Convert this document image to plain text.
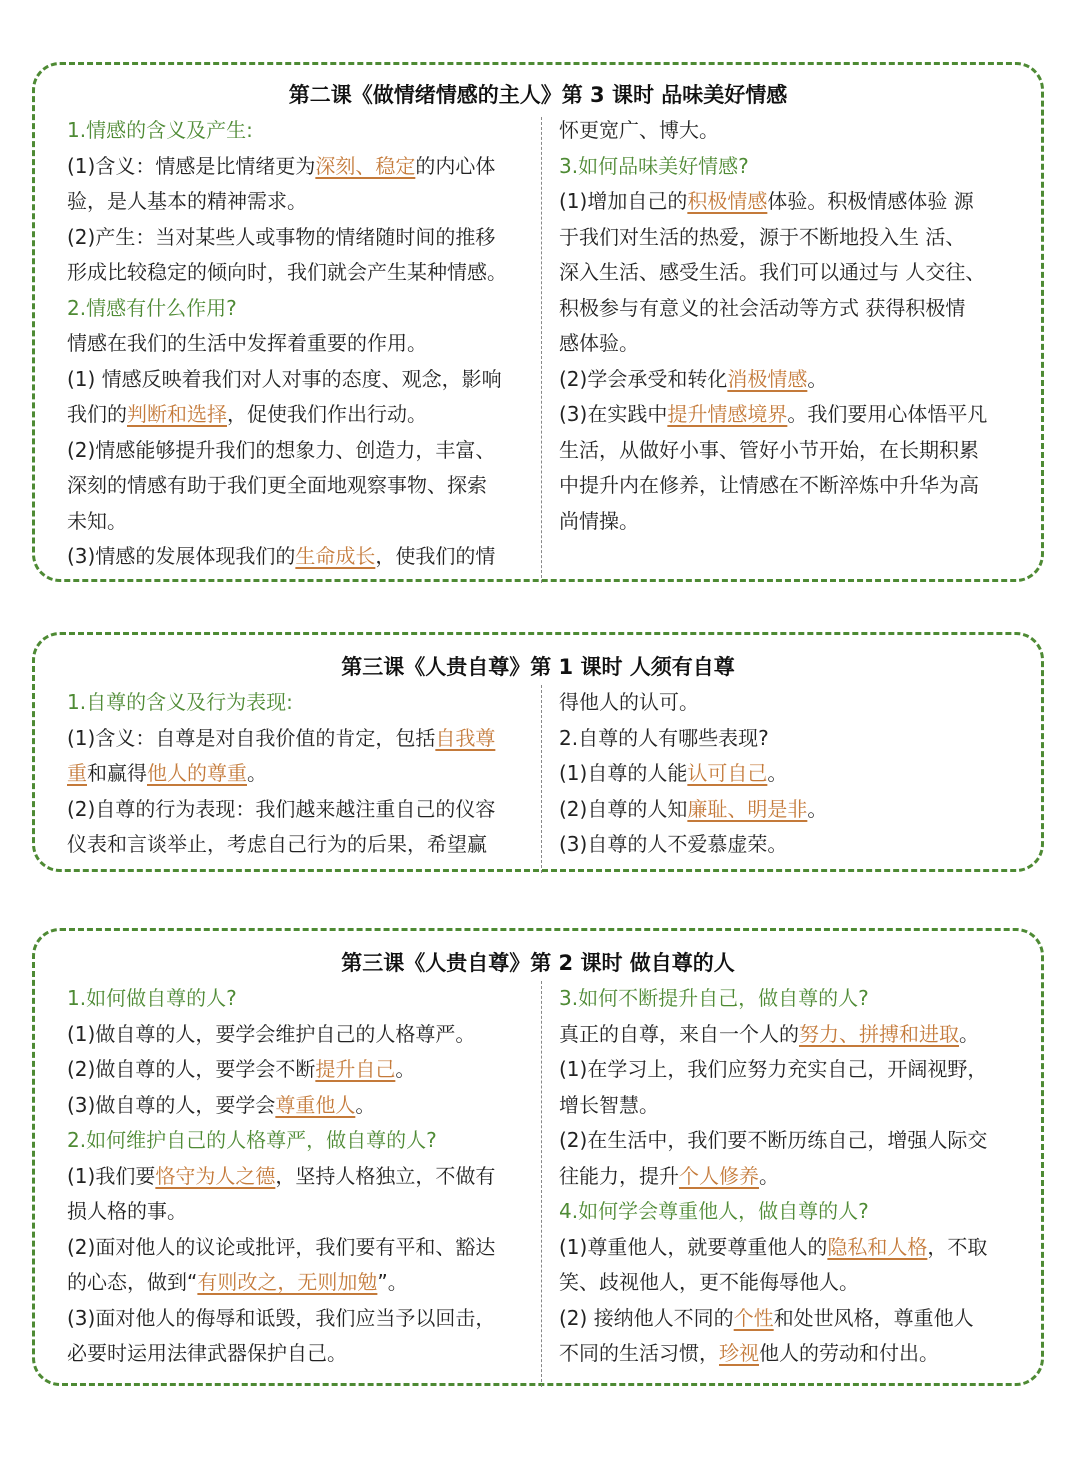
第二课《做情绪情感的主人》第 3 课时 品味美好情感
1.情感的含义及产生:
(1)含义：情感是比情绪更为深刻、稳定的内心体
验，是人基本的精神需求。
(2)产生：当对某些人或事物的情绪随时间的推移
形成比较稳定的倾向时，我们就会产生某种情感。
2.情感有什么作用?
情感在我们的生活中发挥着重要的作用。
(1) 情感反映着我们对人对事的态度、观念，影响
我们的判断和选择，促使我们作出行动。
(2)情感能够提升我们的想象力、创造力，丰富、
深刻的情感有助于我们更全面地观察事物、探索
未知。
(3)情感的发展体现我们的生命成长，使我们的情
怀更宽广、博大。
3.如何品味美好情感?
(1)增加自己的积极情感体验。积极情感体验 源
于我们对生活的热爱，源于不断地投入生 活、
深入生活、感受生活。我们可以通过与 人交往、
积极参与有意义的社会活动等方式 获得积极情
感体验。
(2)学会承受和转化消极情感。
(3)在实践中提升情感境界。我们要用心体悟平凡
生活，从做好小事、管好小节开始，在长期积累
中提升内在修养，让情感在不断淬炼中升华为高
尚情操。
第三课《人贵自尊》第 1 课时 人须有自尊
1.自尊的含义及行为表现:
(1)含义：自尊是对自我价值的肯定，包括自我尊
重和赢得他人的尊重。
(2)自尊的行为表现：我们越来越注重自己的仪容
仪表和言谈举止，考虑自己行为的后果，希望赢
得他人的认可。
2.自尊的人有哪些表现?
(1)自尊的人能认可自己。
(2)自尊的人知廉耻、明是非。
(3)自尊的人不爱慕虚荣。
第三课《人贵自尊》第 2 课时 做自尊的人
1.如何做自尊的人?
(1)做自尊的人，要学会维护自己的人格尊严。
(2)做自尊的人，要学会不断提升自己。
(3)做自尊的人，要学会尊重他人。
2.如何维护自己的人格尊严，做自尊的人?
(1)我们要恪守为人之德，坚持人格独立，不做有
损人格的事。
(2)面对他人的议论或批评，我们要有平和、豁达
的心态，做到“有则改之，无则加勉”。
(3)面对他人的侮辱和诋毁，我们应当予以回击，
必要时运用法律武器保护自己。
3.如何不断提升自己，做自尊的人?
真正的自尊，来自一个人的努力、拼搏和进取。
(1)在学习上，我们应努力充实自己，开阔视野，
增长智慧。
(2)在生活中，我们要不断历练自己，增强人际交
往能力，提升个人修养。
4.如何学会尊重他人，做自尊的人?
(1)尊重他人，就要尊重他人的隐私和人格，不取
笑、歧视他人，更不能侮辱他人。
(2) 接纳他人不同的个性和处世风格，尊重他人
不同的生活习惯，珍视他人的劳动和付出。
